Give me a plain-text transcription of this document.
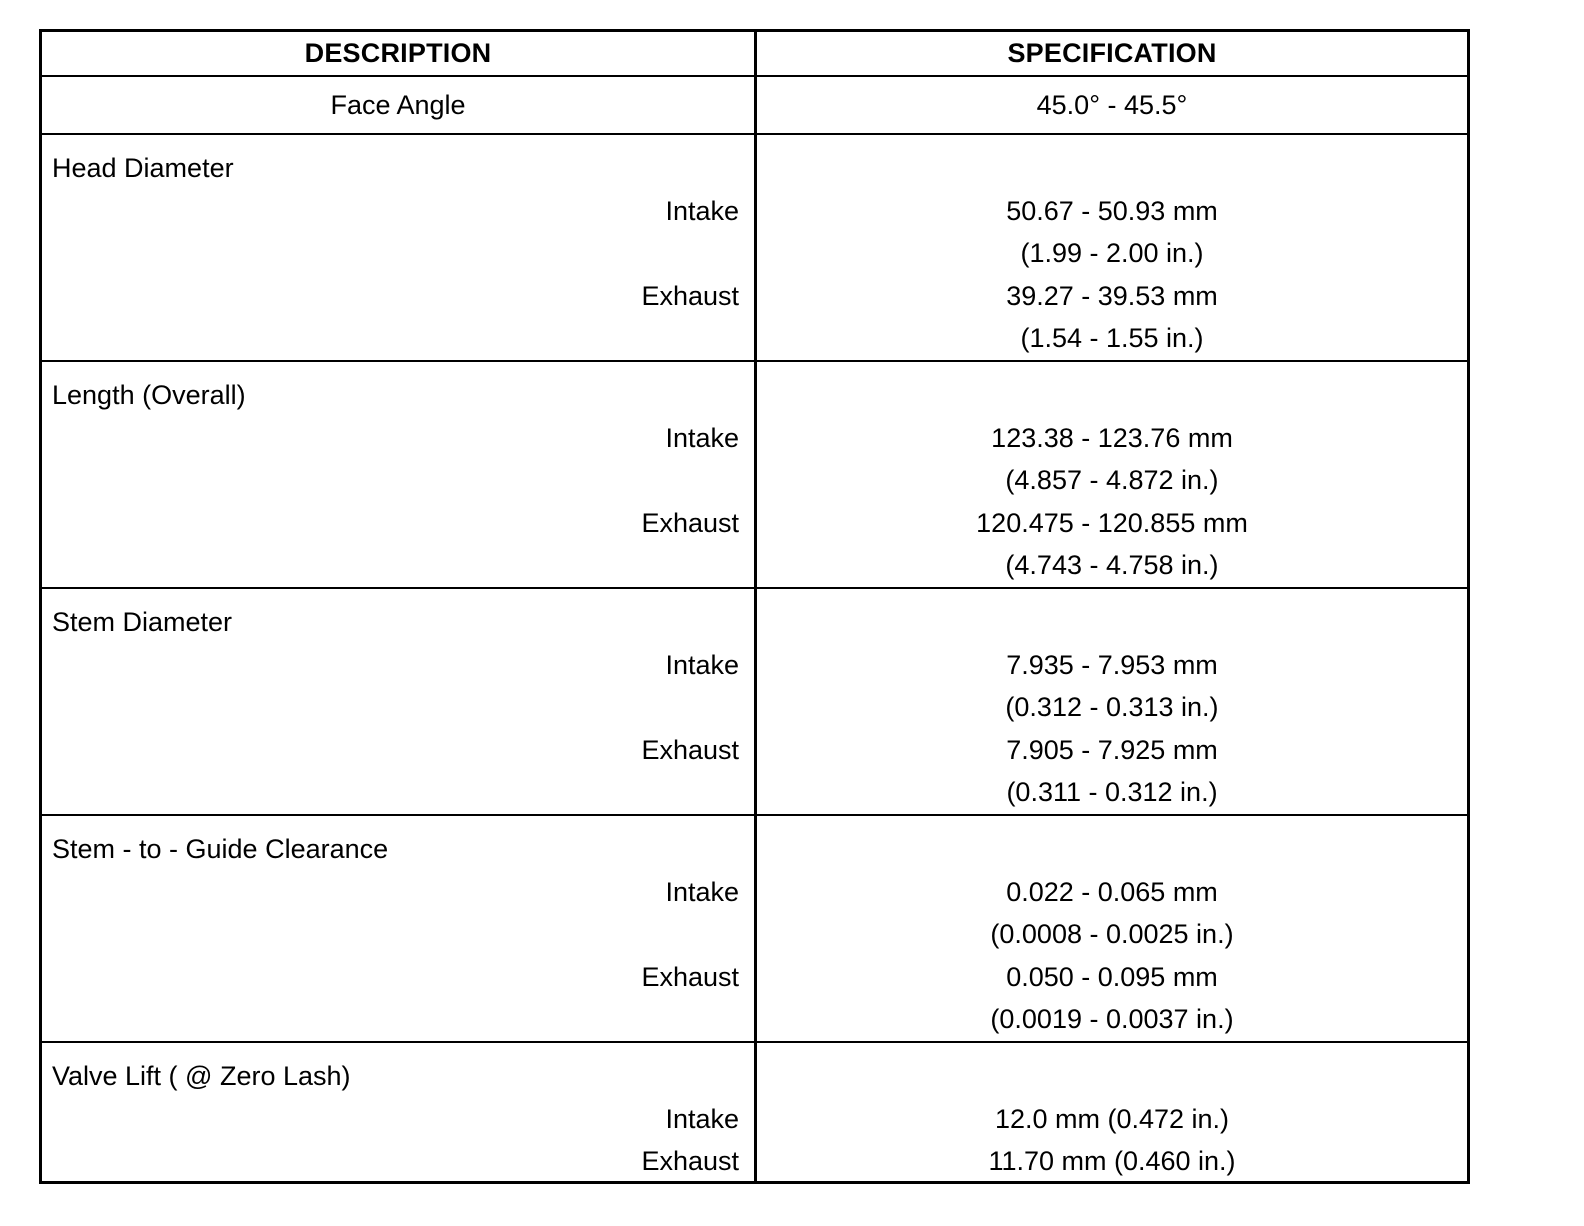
DESCRIPTION	SPECIFICATION
Face Angle	45.0° - 45.5°
Head Diameter
Intake
Exhaust
50.67 - 50.93 mm
(1.99 - 2.00 in.)
39.27 - 39.53 mm
(1.54 - 1.55 in.)
Length (Overall)
Intake
Exhaust
123.38 - 123.76 mm
(4.857 - 4.872 in.)
120.475 - 120.855 mm
(4.743 - 4.758 in.)
Stem Diameter
Intake
Exhaust
7.935 - 7.953 mm
(0.312 - 0.313 in.)
7.905 - 7.925 mm
(0.311 - 0.312 in.)
Stem - to - Guide Clearance
Intake
Exhaust
0.022 - 0.065 mm
(0.0008 - 0.0025 in.)
0.050 - 0.095 mm
(0.0019 - 0.0037 in.)
Valve Lift ( @ Zero Lash)
Intake
Exhaust
12.0 mm (0.472 in.)
11.70 mm (0.460 in.)
